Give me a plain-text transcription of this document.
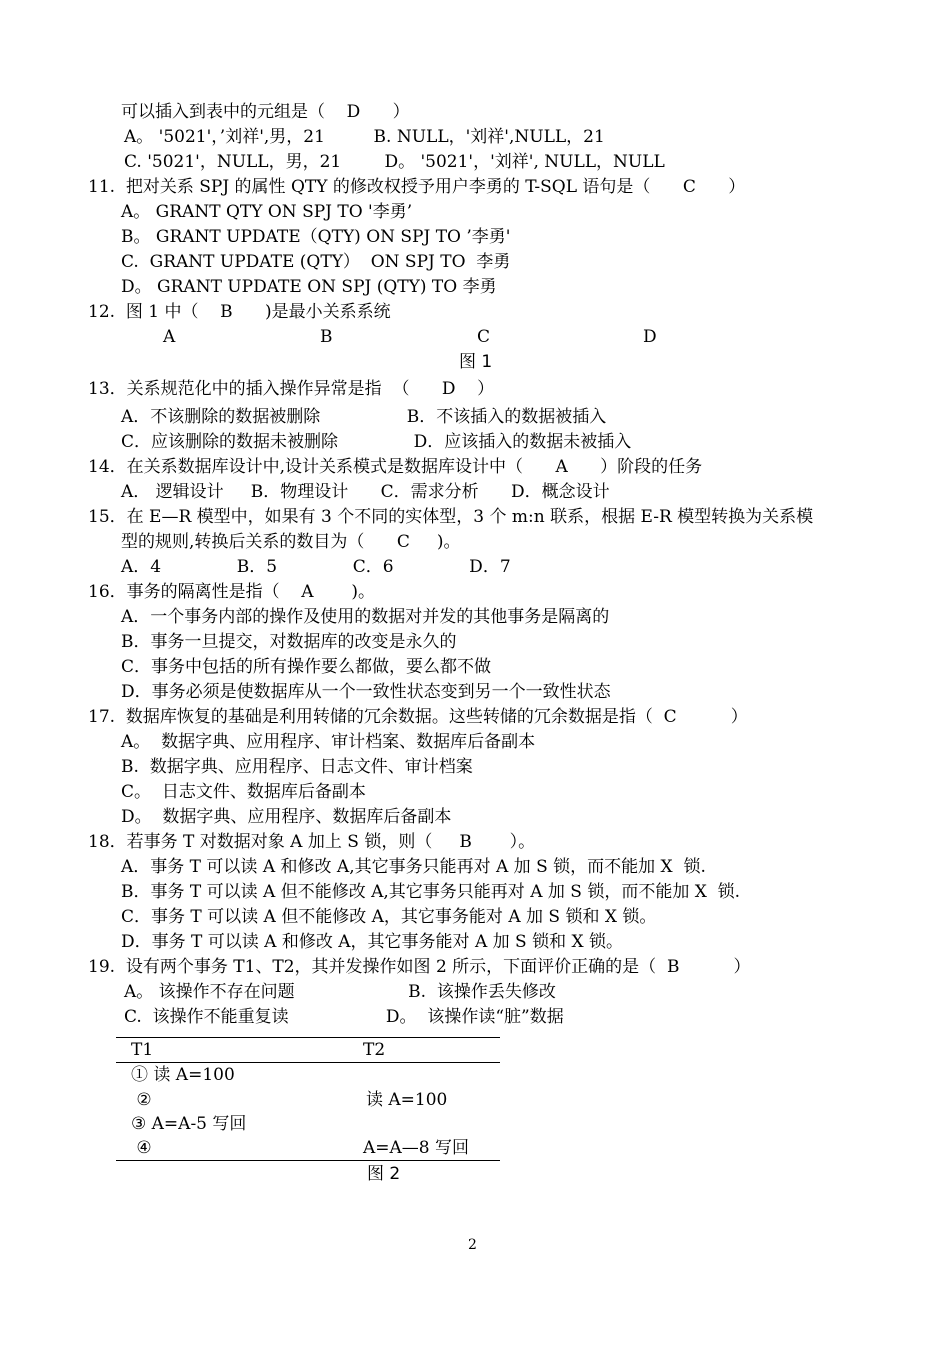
可以插入到表中的元组是（    D      ）
A。 '5021'，’刘祥',男，21         B. NULL，'刘祥',NULL，21
C. '5021'，NULL，男，21        D。 '5021'，'刘祥', NULL，NULL
11.  把对关系 SPJ 的属性 QTY 的修改权授予用户李勇的 T-SQL 语句是（      C      ）
A。 GRANT QTY ON SPJ TO '李勇’
B。 GRANT UPDATE（QTY) ON SPJ TO ’李勇'
C.  GRANT UPDATE (QTY）  ON SPJ TO  李勇
D。 GRANT UPDATE ON SPJ (QTY) TO 李勇
12.  图 1 中（    B      )是最小关系系统
A	B	C	D
图 1
13．关系规范化中的插入操作异常是指  （      D    ）
A．不该删除的数据被删除                B．不该插入的数据被插入
C．应该删除的数据未被删除              D．应该插入的数据未被插入
14．在关系数据库设计中,设计关系模式是数据库设计中（      A      ）阶段的任务
A． 逻辑设计     B．物理设计      C．需求分析      D．概念设计
15．在 E—R 模型中，如果有 3 个不同的实体型，3 个 m:n 联系，根据 E-R 模型转换为关系模
型的规则,转换后关系的数目为（      C     )。
A．4              B．5              C．6              D．7
16．事务的隔离性是指（    A       )。
A．一个事务内部的操作及使用的数据对并发的其他事务是隔离的
B．事务一旦提交，对数据库的改变是永久的
C．事务中包括的所有操作要么都做，要么都不做
D．事务必须是使数据库从一个一致性状态变到另一个一致性状态
17.  数据库恢复的基础是利用转储的冗余数据。这些转储的冗余数据是指（  C          ）
A。  数据字典、应用程序、审计档案、数据库后备副本
B.  数据字典、应用程序、日志文件、审计档案
C。  日志文件、数据库后备副本
D。  数据字典、应用程序、数据库后备副本
18．若事务 T 对数据对象 A 加上 S 锁，则（     B       ）。
A．事务 T 可以读 A 和修改 A,其它事务只能再对 A 加 S 锁，而不能加 X  锁.
B．事务 T 可以读 A 但不能修改 A,其它事务只能再对 A 加 S 锁，而不能加 X  锁.
C．事务 T 可以读 A 但不能修改 A，其它事务能对 A 加 S 锁和 X 锁。
D．事务 T 可以读 A 和修改 A，其它事务能对 A 加 S 锁和 X 锁。
19.  设有两个事务 T1、T2，其并发操作如图 2 所示，下面评价正确的是（  B          ）
A。 该操作不存在问题                     B.  该操作丢失修改
C.  该操作不能重复读                  D。  该操作读“脏”数据
T1	T2
① 读 A=100
②	读 A=100
③ A=A-5 写回
④	A=A—8 写回
图 2
2
